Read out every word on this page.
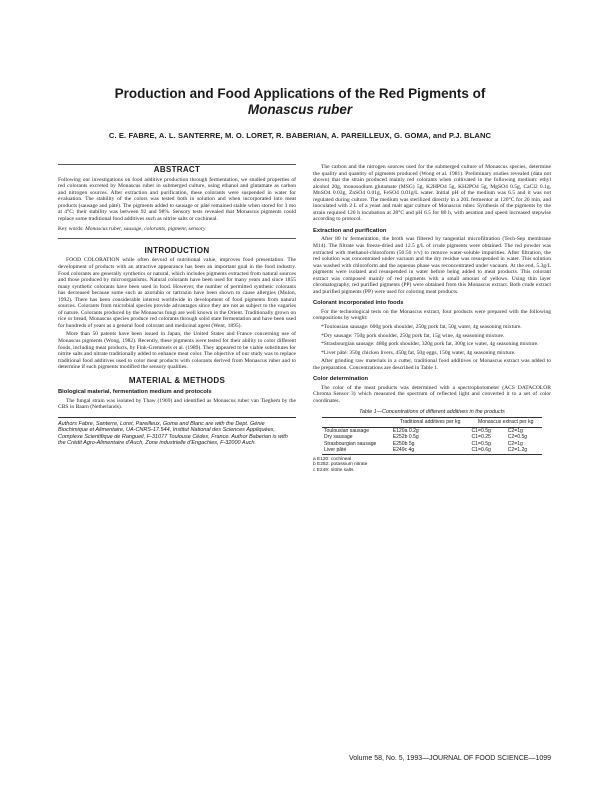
Production and Food Applications of the Red Pigments of
Monascus ruber
C. E. FABRE, A. L. SANTERRE, M. O. LORET, R. BABERIAN, A. PAREILLEUX, G. GOMA, and P.J. BLANC
ABSTRACT

Following our investigations on food additive production through fermentation, we studied properties of red colorants excreted by Monascus ruber in submerged culture, using ethanol and glutamate as carbon and nitrogen sources. After extraction and purification, these colorants were suspended in water for evaluation. The stability of the colors was tested both in solution and when incorporated into meat products (sausage and pâté). The pigments added to sausage or pâté remained stable when stored for 3 mo at 4°C; their stability was between 92 and 98%. Sensory tests revealed that Monascus pigments could replace some traditional food additives such as nitrite salts or cochineal.

Key words: Monascus ruber, sausage, colorants, pigment, sensory

INTRODUCTION

FOOD COLORATION while often devoid of nutritional value, improves food presentation. The development of products with an attractive appearance has been an important goal in the food industry. Food colorants are generally synthetics or natural, which includes pigments extracted from natural sources and those produced by microorganisms. Natural colorants have been used for many years and since 1855 many synthetic colorants have been used in food. However, the number of permitted synthetic colorants has decreased because some such as azorubin or tartrazin have been shown to cause allergies (Mulon, 1992). There has been considerable interest worldwide in development of food pigments from natural sources. Colorants from microbial species provide advantages since they are not as subject to the vagaries of nature. Colorants produced by the Monascus fungi are well known in the Orient. Traditionally grown on rice or bread, Monascus species produce red colorants through solid state fermentation and have been used for hundreds of years as a general food colorant and medicinal agent (Went, 1895).

More than 50 patents have been issued in Japan, the United States and France concerning use of Monascus pigments (Wong, 1982). Recently, these pigments were tested for their ability to color different foods, including meat products, by Fink-Gremmels et al. (1989). They appeared to be viable substitutes for nitrite salts and nitrate traditionally added to enhance meat color. The objective of our study was to replace traditional food additives used to color meat products with colorants derived from Monascus ruber and to determine if such pigments modified the sensory qualities.

MATERIAL & METHODS
Biological material, fermentation medium and protocols

The fungal strain was isolated by Thaw (1969) and identified as Monascus ruber van Tieghem by the CBS in Baarn (Netherlands).

Authors Fabre, Santerre, Loret, Pareilleux, Goma and Blanc are with the Dept. Génie Biochimique et Alimentaire, UA-CNRS-17.544, Institut National des Sciences Appliquées, Complexe Scientifique de Rangueil, F-31077 Toulouse Cédex, France. Author Baberian is with the Crédit Agro-Alimentaire d'Auch, Zone industrielle d'Engachies, F-32000 Auch.

The carbon and the nitrogen sources used for the submerged culture of Monascus species, determine the quality and quantity of pigments produced (Wong et al. 1981). Preliminary studies revealed (data not shown) that the strain produced mainly red colorants when cultivated in the following medium: ethyl alcohol 20g, monosodium glutamate (MSG) 5g, K2HPO4 5g, KH2PO4 5g, MgSO4 0.5g, CaCl2 0.1g, MnSO4 0.03g, ZnSO4 0.01g, FeSO4 0.01g/L water. Initial pH of the medium was 6.5 and it was not regulated during culture. The medium was sterilized directly in a 20L fermentor at 120°C for 20 min, and inoculated with 2 L of a yeast and malt agar culture of Monascus ruber. Synthesis of the pigments by the strain required 120 h incubation at 28°C and pH 6.5 for 80 h, with aeration and speed increased stepwise according to protocol.

Extraction and purification

After 80 hr fermentation, the broth was filtered by tangential microfiltration (Tech-Sep membrane M14). The filtrate was freeze-dried and 12.5 g/L of crude pigments were obtained. The red powder was extracted with methanol-chloroform (50:50 v/v) to remove water-soluble impurities. After filtration, the red solution was concentrated under vacuum and the dry residue was resuspended in water. This solution was washed with chloroform and the aqueous phase was reconcentrated under vacuum. At the end, 5.3g/L pigments were isolated and resuspended in water before being added to meat products. This colorant extract was composed mainly of red pigments with a small amount of yellows. Using thin layer chromatography, red purified pigments (PP) were obtained from this Monascus extract. Both crude extract and purified pigments (PP) were used for coloring meat products.

Colorant incorporated into foods

For the technological tests on the Monascus extract, four products were prepared with the following compositions by weight:

*Toulousian sausage: 600g pork shoulder, 250g pork fat, 50g water, 4g seasoning mixture.

*Dry sausage: 750g pork shoulder, 250g pork fat, 15g wine, 4g seasoning mixture.

*Strasbourgian sausage: 480g pork shoulder, 320g pork fat, 300g ice water, 4g seasoning mixture.

*Liver pâté: 350g chicken livers, 450g fat, 50g eggs, 150g water, 4g seasoning mixture.

After grinding raw materials in a cutter, traditional food additives or Monascus extract was added to the preparation. Concentrations are described in Table 1.

Color determination

The color of the meat products was determined with a spectrophotometer (ACS DATACOLOR Chroma Sensor 3) which measured the spectrum of reflected light and converted it to a set of color coordinates.

Table 1—Concentrations of different additives in the products
	Traditional additives per kg	Monascus extract per kg	
Toulousian sausage	E120a 0.2g	C1=0.5g	C2=1g
Dry sausage	E252b 0.5g	C1=0.25	C2=0.5g
Strasbourgian sausage	E250b 5g	C1=0.5g	C2=1g
Liver pâté	E249c 4g	C1=0.6g	C2=1.2g
a E120: cochineal
b E252: potassium nitrate
c E249: nitrite salts
Volume 58, No. 5, 1993—JOURNAL OF FOOD SCIENCE—1099
